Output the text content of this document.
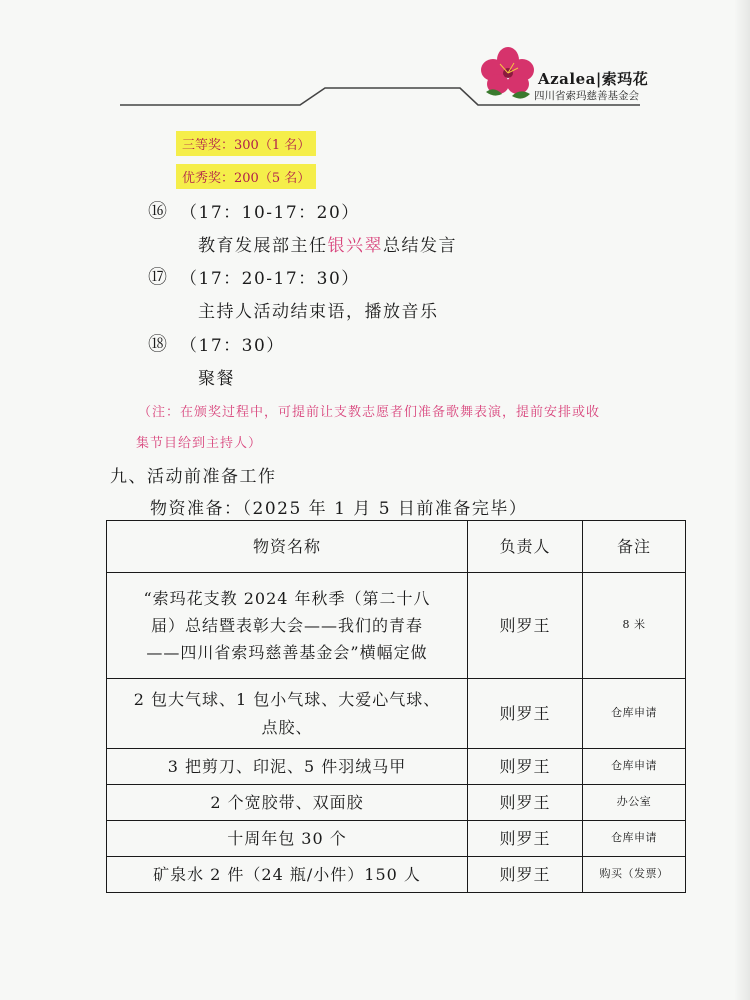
Azalea|索玛花
四川省索玛慈善基金会
三等奖：300（1 名）
优秀奖：200（5 名）
⑯ （17：10-17：20）
教育发展部主任银兴翠总结发言
⑰ （17：20-17：30）
主持人活动结束语，播放音乐
⑱ （17：30）
聚餐
（注：在颁奖过程中，可提前让支教志愿者们准备歌舞表演，提前安排或收
集节目给到主持人）
九、活动前准备工作
物资准备：（2025 年 1 月 5 日前准备完毕）
物资名称	负责人	备注

“索玛花支教 2024 年秋季（第二十八
届）总结暨表彰大会——我们的青春
——四川省索玛慈善基金会”横幅定做	则罗王	8 米

2 包大气球、1 包小气球、大爱心气球、
点胶、	则罗王	仓库申请
3 把剪刀、印泥、5 件羽绒马甲	则罗王	仓库申请
2 个宽胶带、双面胶	则罗王	办公室
十周年包 30 个	则罗王	仓库申请
矿泉水 2 件（24 瓶/小件）150 人	则罗王	购买（发票）
